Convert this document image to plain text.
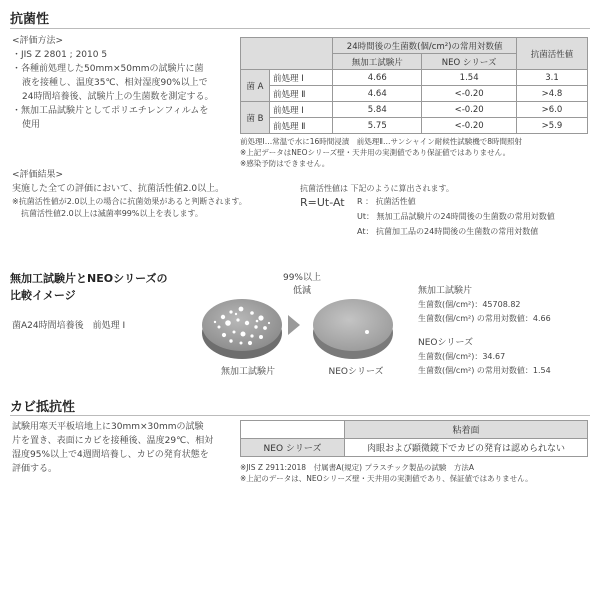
抗菌性
<評価方法>
・JIS Z 2801 ; 2010 5
・各種前処理した50mm×50mmの試験片に菌
液を接種し、温度35℃、相対湿度90%以上で
24時間培養後、試験片上の生菌数を測定する。
・無加工品試験片としてポリエチレンフィルムを
使用
		24時間後の生菌数(個/cm²)の常用対数値		抗菌活性値
		無加工試験片	NEO シリーズ	
菌 A	前処理 Ⅰ	4.66	1.54	3.1
	前処理 Ⅱ	4.64	<-0.20	>4.8
菌 B	前処理 Ⅰ	5.84	<-0.20	>6.0
	前処理 Ⅱ	5.75	<-0.20	>5.9
前処理Ⅰ…常温で水に16時間浸漬　前処理Ⅱ…サンシャイン耐候性試験機で8時間照射
※上記データはNEOシリーズ壁・天井用の実測値であり保証値ではありません。
※感染予防はできません。
<評価結果>
実施した全ての評価において、抗菌活性値2.0以上。
※抗菌活性値が2.0以上の場合に抗菌効果があると判断されます。
抗菌活性値2.0以上は滅菌率99%以上を表します。
抗菌活性値は 下記のように算出されます。
R=Ut-At R ： 抗菌活性値
Ut： 無加工品試験片の24時間後の生菌数の常用対数値
At： 抗菌加工品の24時間後の生菌数の常用対数値
無加工試験片とNEOシリーズの
比較イメージ
菌A24時間培養後　前処理 Ⅰ
99%以上
低減
無加工試験片	NEOシリーズ
無加工試験片
生菌数(個/cm²)：45708.82
生菌数(個/cm²) の常用対数値：4.66
NEOシリーズ
生菌数(個/cm²)：34.67
生菌数(個/cm²) の常用対数値：1.54
カビ抵抗性
試験用寒天平板培地上に30mm×30mmの試験
片を置き、表面にカビを接種後、温度29℃、相対
湿度95%以上で4週間培養し、カビの発育状態を
評価する。
	粘着面
NEO シリーズ	肉眼および顕微鏡下でカビの発育は認められない
※JIS Z 2911:2018　付属書A(規定) プラスチック製品の試験　方法A
※上記のデータは、NEOシリーズ壁・天井用の実測値であり、保証値ではありません。
